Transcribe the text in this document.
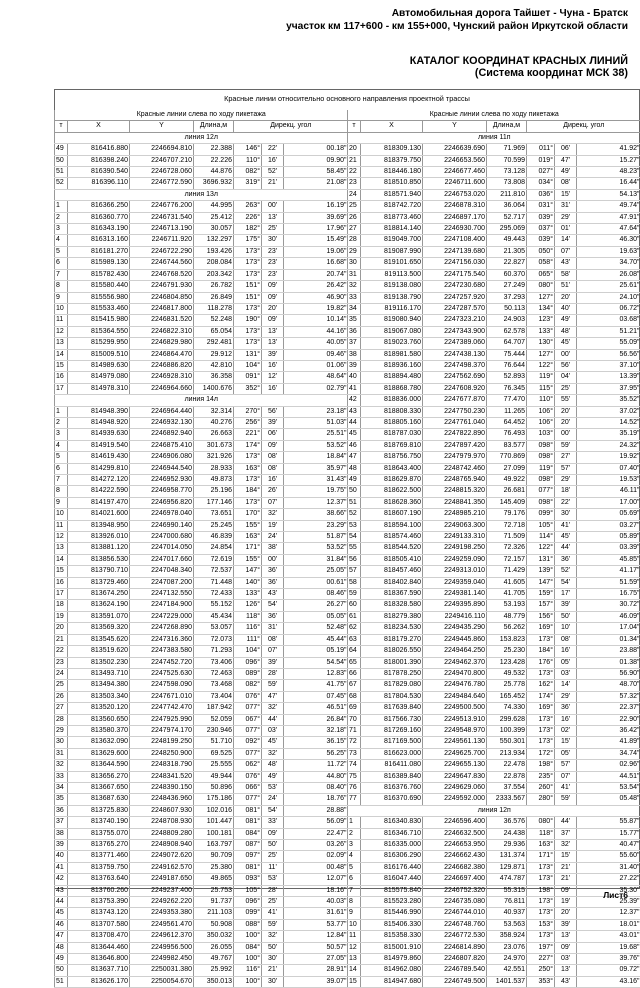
Автомобильная дорога Тайшет - Чуна - Братск
участок км 117+600 - км 155+000, Чунский район Иркутской области
КАТАЛОГ КООРДИНАТ КРАСНЫХ ЛИНИЙ
(Система координат МСК 38)
Красные линии относительно основного направления проектной трассы
Красные линии слева по ходу пикетажа						
т	X	Y	Длина,м	Дирекц. угол		
линия 12л						
49	816416.880	2246694.810	22.388	146°	22'	00.18"
50	816398.240	2246707.210	22.226	110°	16'	09.90"
51	816390.540	2246728.060	44.876	082°	52'	58.45"
52	816396.110	2246772.590	3696.932	319°	21'	21.08"
линия 13л						
1	816366.250	2246776.200	44.995	263°	00'	16.19"
2	816360.770	2246731.540	25.412	226°	13'	39.69"
3	816343.190	2246713.190	30.057	182°	25'	17.96"
4	816313.160	2246711.920	132.297	175°	30'	15.49"
5	816181.270	2246722.290	193.426	173°	23'	19.06"
6	815989.130	2246744.560	208.084	173°	23'	16.68"
7	815782.430	2246768.520	203.342	173°	23'	20.74"
8	815580.440	2246791.930	26.782	151°	09'	26.42"
9	815556.980	2246804.850	26.849	151°	09'	46.90"
10	815533.460	2246817.800	118.278	173°	20'	19.82"
11	815415.980	2246831.520	52.248	190°	09'	10.14"
12	815364.550	2246822.310	65.054	173°	13'	44.16"
13	815299.950	2246829.980	292.481	173°	13'	40.05"
14	815009.510	2246864.470	29.912	131°	39'	09.46"
15	814989.630	2246886.820	42.810	104°	16'	01.06"
16	814979.080	2246928.310	36.358	091°	12'	48.64"
17	814978.310	2246964.660	1400.676	352°	16'	02.79"
линия 14л						
1	814948.390	2246964.440	32.314	270°	56'	23.18"
2	814948.920	2246932.130	40.276	256°	39'	51.03"
3	814939.630	2246892.940	26.663	221°	06'	25.51"
4	814919.540	2246875.410	301.673	174°	09'	53.52"
5	814619.430	2246906.080	321.926	173°	08'	18.84"
6	814299.810	2246944.540	28.933	163°	08'	35.97"
7	814272.120	2246952.930	49.873	173°	16'	31.43"
8	814222.590	2246958.770	25.196	184°	26'	19.75"
9	814197.470	2246956.820	177.146	173°	07'	12.37"
10	814021.600	2246978.040	73.651	170°	32'	38.66"
11	813948.950	2246990.140	25.245	155°	19'	23.29"
12	813926.010	2247000.680	46.839	163°	24'	51.87"
13	813881.120	2247014.050	24.854	171°	38'	53.52"
14	813856.530	2247017.660	72.619	155°	00'	31.84"
15	813790.710	2247048.340	72.537	147°	36'	25.05"
16	813729.460	2247087.200	71.448	140°	36'	00.61"
17	813674.250	2247132.550	72.433	133°	43'	08.46"
18	813624.190	2247184.900	55.152	126°	54'	26.27"
19	813591.070	2247229.000	45.434	118°	36'	05.05"
20	813569.320	2247268.890	53.057	116°	31'	52.48"
21	813545.620	2247316.360	72.073	111°	08'	45.44"
22	813519.620	2247383.580	71.293	104°	07'	05.19"
23	813502.230	2247452.720	73.406	096°	39'	54.54"
24	813493.710	2247525.630	72.463	089°	28'	12.83"
25	813494.380	2247598.090	73.468	082°	59'	41.75"
26	813503.340	2247671.010	73.404	076°	47'	07.45"
27	813520.120	2247742.470	187.942	077°	32'	46.51"
28	813560.650	2247925.990	52.059	067°	44'	26.84"
29	813580.370	2247974.170	230.946	077°	03'	32.18"
30	813632.090	2248199.250	51.710	092°	45'	36.15"
31	813629.600	2248250.900	69.525	077°	32'	56.25"
32	813644.590	2248318.790	25.555	062°	48'	11.72"
33	813656.270	2248341.520	49.944	076°	49'	44.80"
34	813667.650	2248390.150	50.896	066°	53'	08.40"
35	813687.630	2248436.960	175.186	077°	24'	18.76"
36	813725.830	2248607.930	102.016	081°	54'	28.88"
37	813740.190	2248708.930	101.447	081°	33'	56.09"
38	813755.070	2248809.280	100.181	084°	09'	22.47"
39	813765.270	2248908.940	163.797	087°	50'	03.26"
40	813771.460	2249072.620	90.709	097°	25'	02.09"
41	813759.750	2249162.570	25.380	081°	11'	00.48"
42	813763.640	2249187.650	49.865	093°	53'	12.07"
43	813760.260	2249237.400	25.753	105°	28'	18.16"
44	813753.390	2249262.220	91.737	096°	25'	40.03"
45	813743.120	2249353.380	211.103	099°	41'	31.61"
46	813707.580	2249561.470	50.908	088°	59'	53.77"
47	813708.470	2249612.370	350.032	100°	32'	12.84"
48	813644.460	2249956.500	26.055	084°	50'	50.57"
49	813646.800	2249982.450	49.767	100°	30'	27.05"
50	813637.710	2250031.380	25.992	116°	21'	28.91"
51	813626.170	2250054.670	350.013	100°	30'	39.07"
Красные линии слева по ходу пикетажа						
т	X	Y	Длина,м	Дирекц. угол		
линия 11п						
20	818309.130	2246639.690	71.969	011°	06'	41.92"
21	818379.750	2246653.560	70.599	019°	47'	15.27"
22	818446.180	2246677.460	73.128	027°	49'	48.23"
23	818510.850	2246711.600	73.808	034°	08'	16.44"
24	818571.940	2246753.020	211.810	036°	15'	54.13"
25	818742.720	2246878.310	36.064	031°	31'	49.74"
26	818773.460	2246897.170	52.717	039°	29'	47.91"
27	818814.140	2246930.700	295.069	037°	01'	47.64"
28	819049.700	2247108.400	49.443	039°	14'	46.30"
29	819087.990	2247139.680	21.305	050°	07'	19.63"
30	819101.650	2247156.030	22.827	058°	43'	34.70"
31	819113.500	2247175.540	60.370	065°	58'	26.08"
32	819138.080	2247230.680	27.249	080°	51'	25.61"
33	819138.790	2247257.920	37.293	127°	20'	24.10"
34	819116.170	2247287.570	50.113	134°	40'	06.72"
35	819080.940	2247323.210	24.903	123°	49'	03.68"
36	819067.080	2247343.900	62.578	133°	48'	51.21"
37	819023.760	2247389.060	64.707	130°	45'	55.09"
38	818981.580	2247438.130	75.444	127°	00'	56.56"
39	818936.160	2247498.370	76.644	122°	56'	37.10"
40	818894.480	2247562.690	52.893	119°	04'	13.39"
41	818868.780	2247608.920	76.345	115°	25'	37.95"
42	818836.000	2247677.870	77.470	110°	55'	35.52"
43	818808.330	2247750.230	11.265	106°	20'	37.02"
44	818805.160	2247761.040	64.452	106°	20'	14.52"
45	818787.030	2247822.890	76.493	103°	00'	35.19"
46	818769.810	2247897.420	83.577	098°	59'	24.32"
47	818756.750	2247979.970	770.869	098°	27'	19.92"
48	818643.400	2248742.460	27.099	119°	57'	07.40"
49	818629.870	2248765.940	49.922	098°	29'	19.53"
50	818622.500	2248815.320	26.681	077°	18'	46.11"
51	818628.360	2248841.350	145.409	098°	22'	17.00"
52	818607.190	2248985.210	79.176	099°	30'	05.69"
53	818594.100	2249063.300	72.718	105°	41'	03.27"
54	818574.460	2249133.310	71.509	114°	45'	05.89"
55	818544.520	2249198.250	72.326	122°	44'	03.39"
56	818505.410	2249259.090	72.157	131°	36'	45.85"
57	818457.460	2249313.010	71.429	139°	52'	41.17"
58	818402.840	2249359.040	41.605	147°	54'	51.59"
59	818367.590	2249381.140	41.705	159°	17'	16.75"
60	818328.580	2249395.890	53.193	157°	39'	30.72"
61	818279.380	2249416.110	48.779	156°	50'	46.09"
62	818234.530	2249435.290	56.262	169°	10'	17.04"
63	818179.270	2249445.860	153.823	173°	08'	01.34"
64	818026.550	2249464.250	25.230	184°	16'	23.88"
65	818001.390	2249462.370	123.428	176°	05'	01.38"
66	817878.250	2249470.800	49.532	173°	03'	56.90"
67	817829.080	2249476.780	25.778	162°	14'	48.70"
68	817804.530	2249484.640	165.452	174°	29'	57.32"
69	817639.840	2249500.500	74.330	169°	36'	22.37"
70	817566.730	2249513.910	299.628	173°	16'	22.90"
71	817269.160	2249548.970	100.399	173°	02'	36.42"
72	817169.500	2249561.130	550.301	173°	15'	41.89"
73	816623.000	2249625.700	213.934	172°	05'	34.74"
74	816411.080	2249655.130	22.478	198°	57'	02.96"
75	816389.840	2249647.830	22.878	235°	07'	44.51"
76	816376.760	2249629.060	37.554	260°	41'	53.54"
77	816370.690	2249592.000	2333.567	280°	59'	05.48"
линия 12п						
1	816340.830	2246596.400	36.576	080°	44'	55.87"
2	816346.710	2246632.500	24.438	118°	37'	15.77"
3	816335.000	2246653.950	29.936	163°	32'	40.47"
4	816306.290	2246662.430	131.374	171°	15'	55.60"
5	816176.440	2246682.380	129.871	173°	21'	31.40"
6	816047.440	2246697.400	474.787	173°	21'	27.22"
7	815575.840	2246752.320	55.315	198°	09'	35.30"
8	815523.280	2246735.080	76.811	173°	19'	25.39"
9	815446.990	2246744.010	40.937	173°	20'	12.37"
10	815406.330	2246748.760	53.563	153°	39'	18.01"
11	815358.330	2246772.530	358.924	173°	13'	43.01"
12	815001.910	2246814.890	23.076	197°	09'	19.68"
13	814979.860	2246807.820	24.970	227°	03'	39.76"
14	814962.080	2246789.540	42.551	250°	13'	09.72"
15	814947.680	2246749.500	1401.537	353°	43'	43.16"
Лист6
